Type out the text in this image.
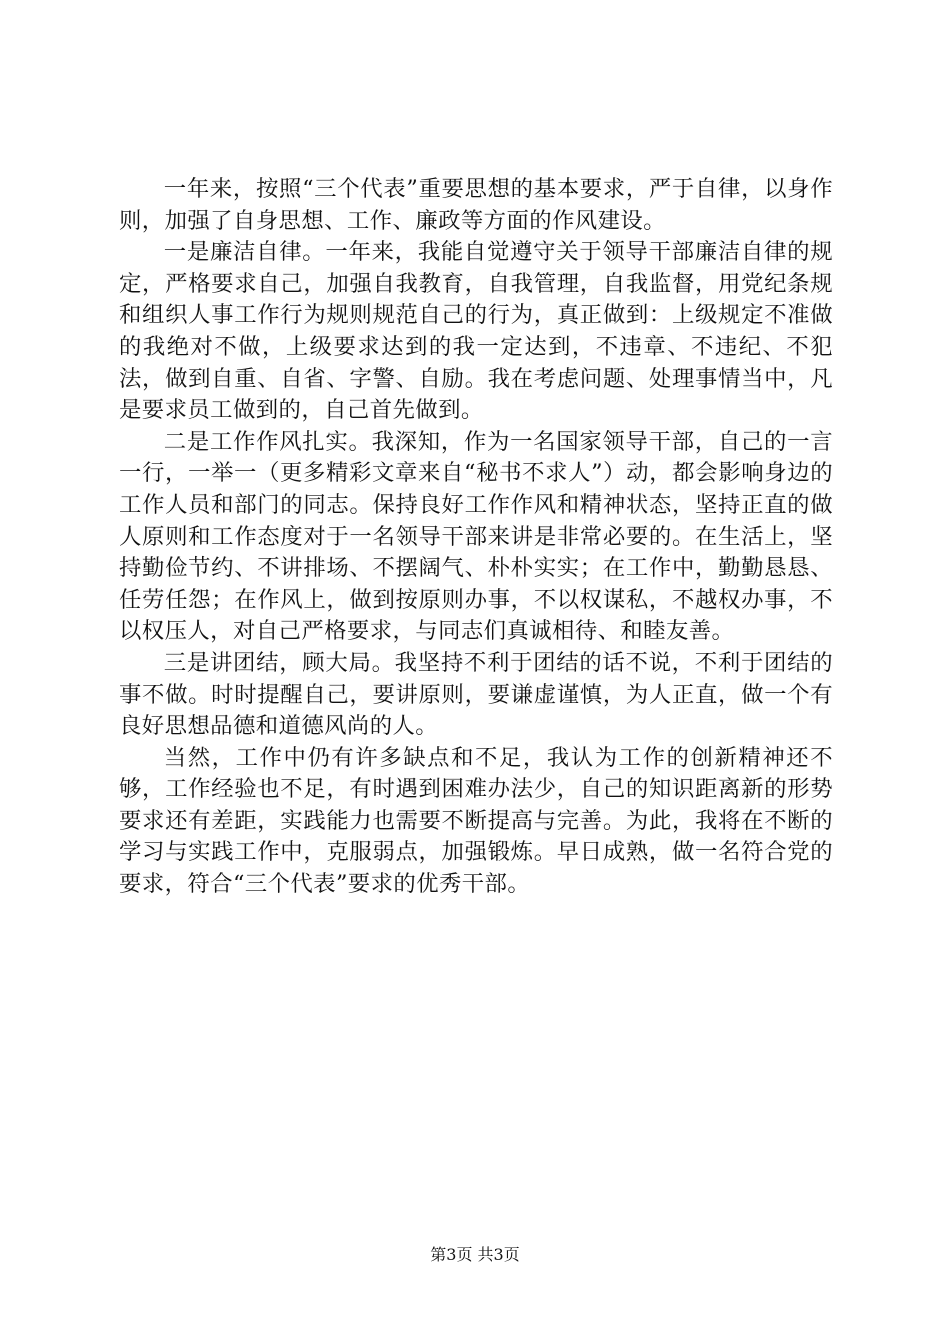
一年来，按照“三个代表”重要思想的基本要求，严于自律，以身作则，加强了自身思想、工作、廉政等方面的作风建设。

一是廉洁自律。一年来，我能自觉遵守关于领导干部廉洁自律的规定，严格要求自己，加强自我教育，自我管理，自我监督，用党纪条规和组织人事工作行为规则规范自己的行为，真正做到：上级规定不准做的我绝对不做，上级要求达到的我一定达到，不违章、不违纪、不犯法，做到自重、自省、字警、自励。我在考虑问题、处理事情当中，凡是要求员工做到的，自己首先做到。

二是工作作风扎实。我深知，作为一名国家领导干部，自己的一言一行，一举一（更多精彩文章来自“秘书不求人”）动，都会影响身边的工作人员和部门的同志。保持良好工作作风和精神状态，坚持正直的做人原则和工作态度对于一名领导干部来讲是非常必要的。在生活上，坚持勤俭节约、不讲排场、不摆阔气、朴朴实实；在工作中，勤勤恳恳、任劳任怨；在作风上，做到按原则办事，不以权谋私，不越权办事，不以权压人，对自己严格要求，与同志们真诚相待、和睦友善。

三是讲团结，顾大局。我坚持不利于团结的话不说，不利于团结的事不做。时时提醒自己，要讲原则，要谦虚谨慎，为人正直，做一个有良好思想品德和道德风尚的人。

当然，工作中仍有许多缺点和不足，我认为工作的创新精神还不够，工作经验也不足，有时遇到困难办法少，自己的知识距离新的形势要求还有差距，实践能力也需要不断提高与完善。为此，我将在不断的学习与实践工作中，克服弱点，加强锻炼。早日成熟，做一名符合党的要求，符合“三个代表”要求的优秀干部。

第3页 共3页
